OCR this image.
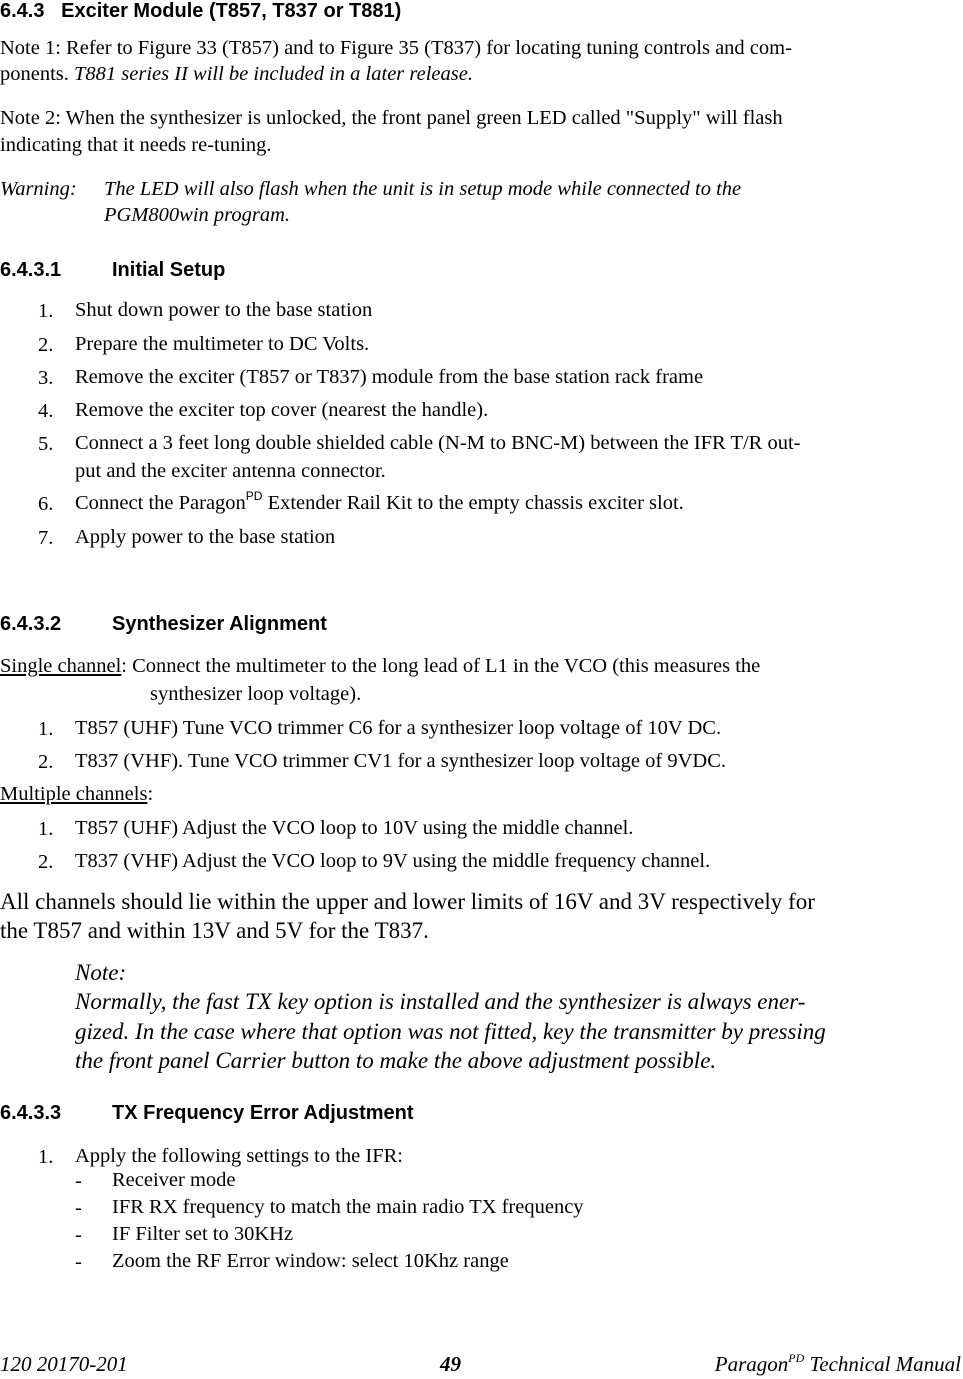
6.4.3 Exciter Module (T857, T837 or T881)
Note 1: Refer to Figure 33 (T857) and to Figure 35 (T837) for locating tuning controls and com-
ponents. T881 series II will be included in a later release.
Note 2: When the synthesizer is unlocked, the front panel green LED called "Supply" will flash
indicating that it needs re-tuning.
Warning: The LED will also flash when the unit is in setup mode while connected to the
PGM800win program.
6.4.3.1	Initial Setup
1. Shut down power to the base station
2. Prepare the multimeter to DC Volts.
3. Remove the exciter (T857 or T837) module from the base station rack frame
4. Remove the exciter top cover (nearest the handle).
5. Connect a 3 feet long double shielded cable (N-M to BNC-M) between the IFR T/R out-
put and the exciter antenna connector.
6. Connect the Paragon$^{PD}$ Extender Rail Kit to the empty chassis exciter slot.
7. Apply power to the base station
6.4.3.2	Synthesizer Alignment
Single channel: Connect the multimeter to the long lead of L1 in the VCO (this measures the
synthesizer loop voltage).
1. T857 (UHF) Tune VCO trimmer C6 for a synthesizer loop voltage of 10V DC.
2. T837 (VHF). Tune VCO trimmer CV1 for a synthesizer loop voltage of 9VDC.
Multiple channels:
1. T857 (UHF) Adjust the VCO loop to 10V using the middle channel.
2. T837 (VHF) Adjust the VCO loop to 9V using the middle frequency channel.
All channels should lie within the upper and lower limits of 16V and 3V respectively for
the T857 and within 13V and 5V for the T837.
Note:
Normally, the fast TX key option is installed and the synthesizer is always ener-
gized. In the case where that option was not fitted, key the transmitter by pressing
the front panel Carrier button to make the above adjustment possible.
6.4.3.3	TX Frequency Error Adjustment
1. Apply the following settings to the IFR:
- Receiver mode
- IFR RX frequency to match the main radio TX frequency
- IF Filter set to 30KHz
- Zoom the RF Error window: select 10Khz range
120 20170-201	49	Paragon$^{PD}$ Technical Manual
